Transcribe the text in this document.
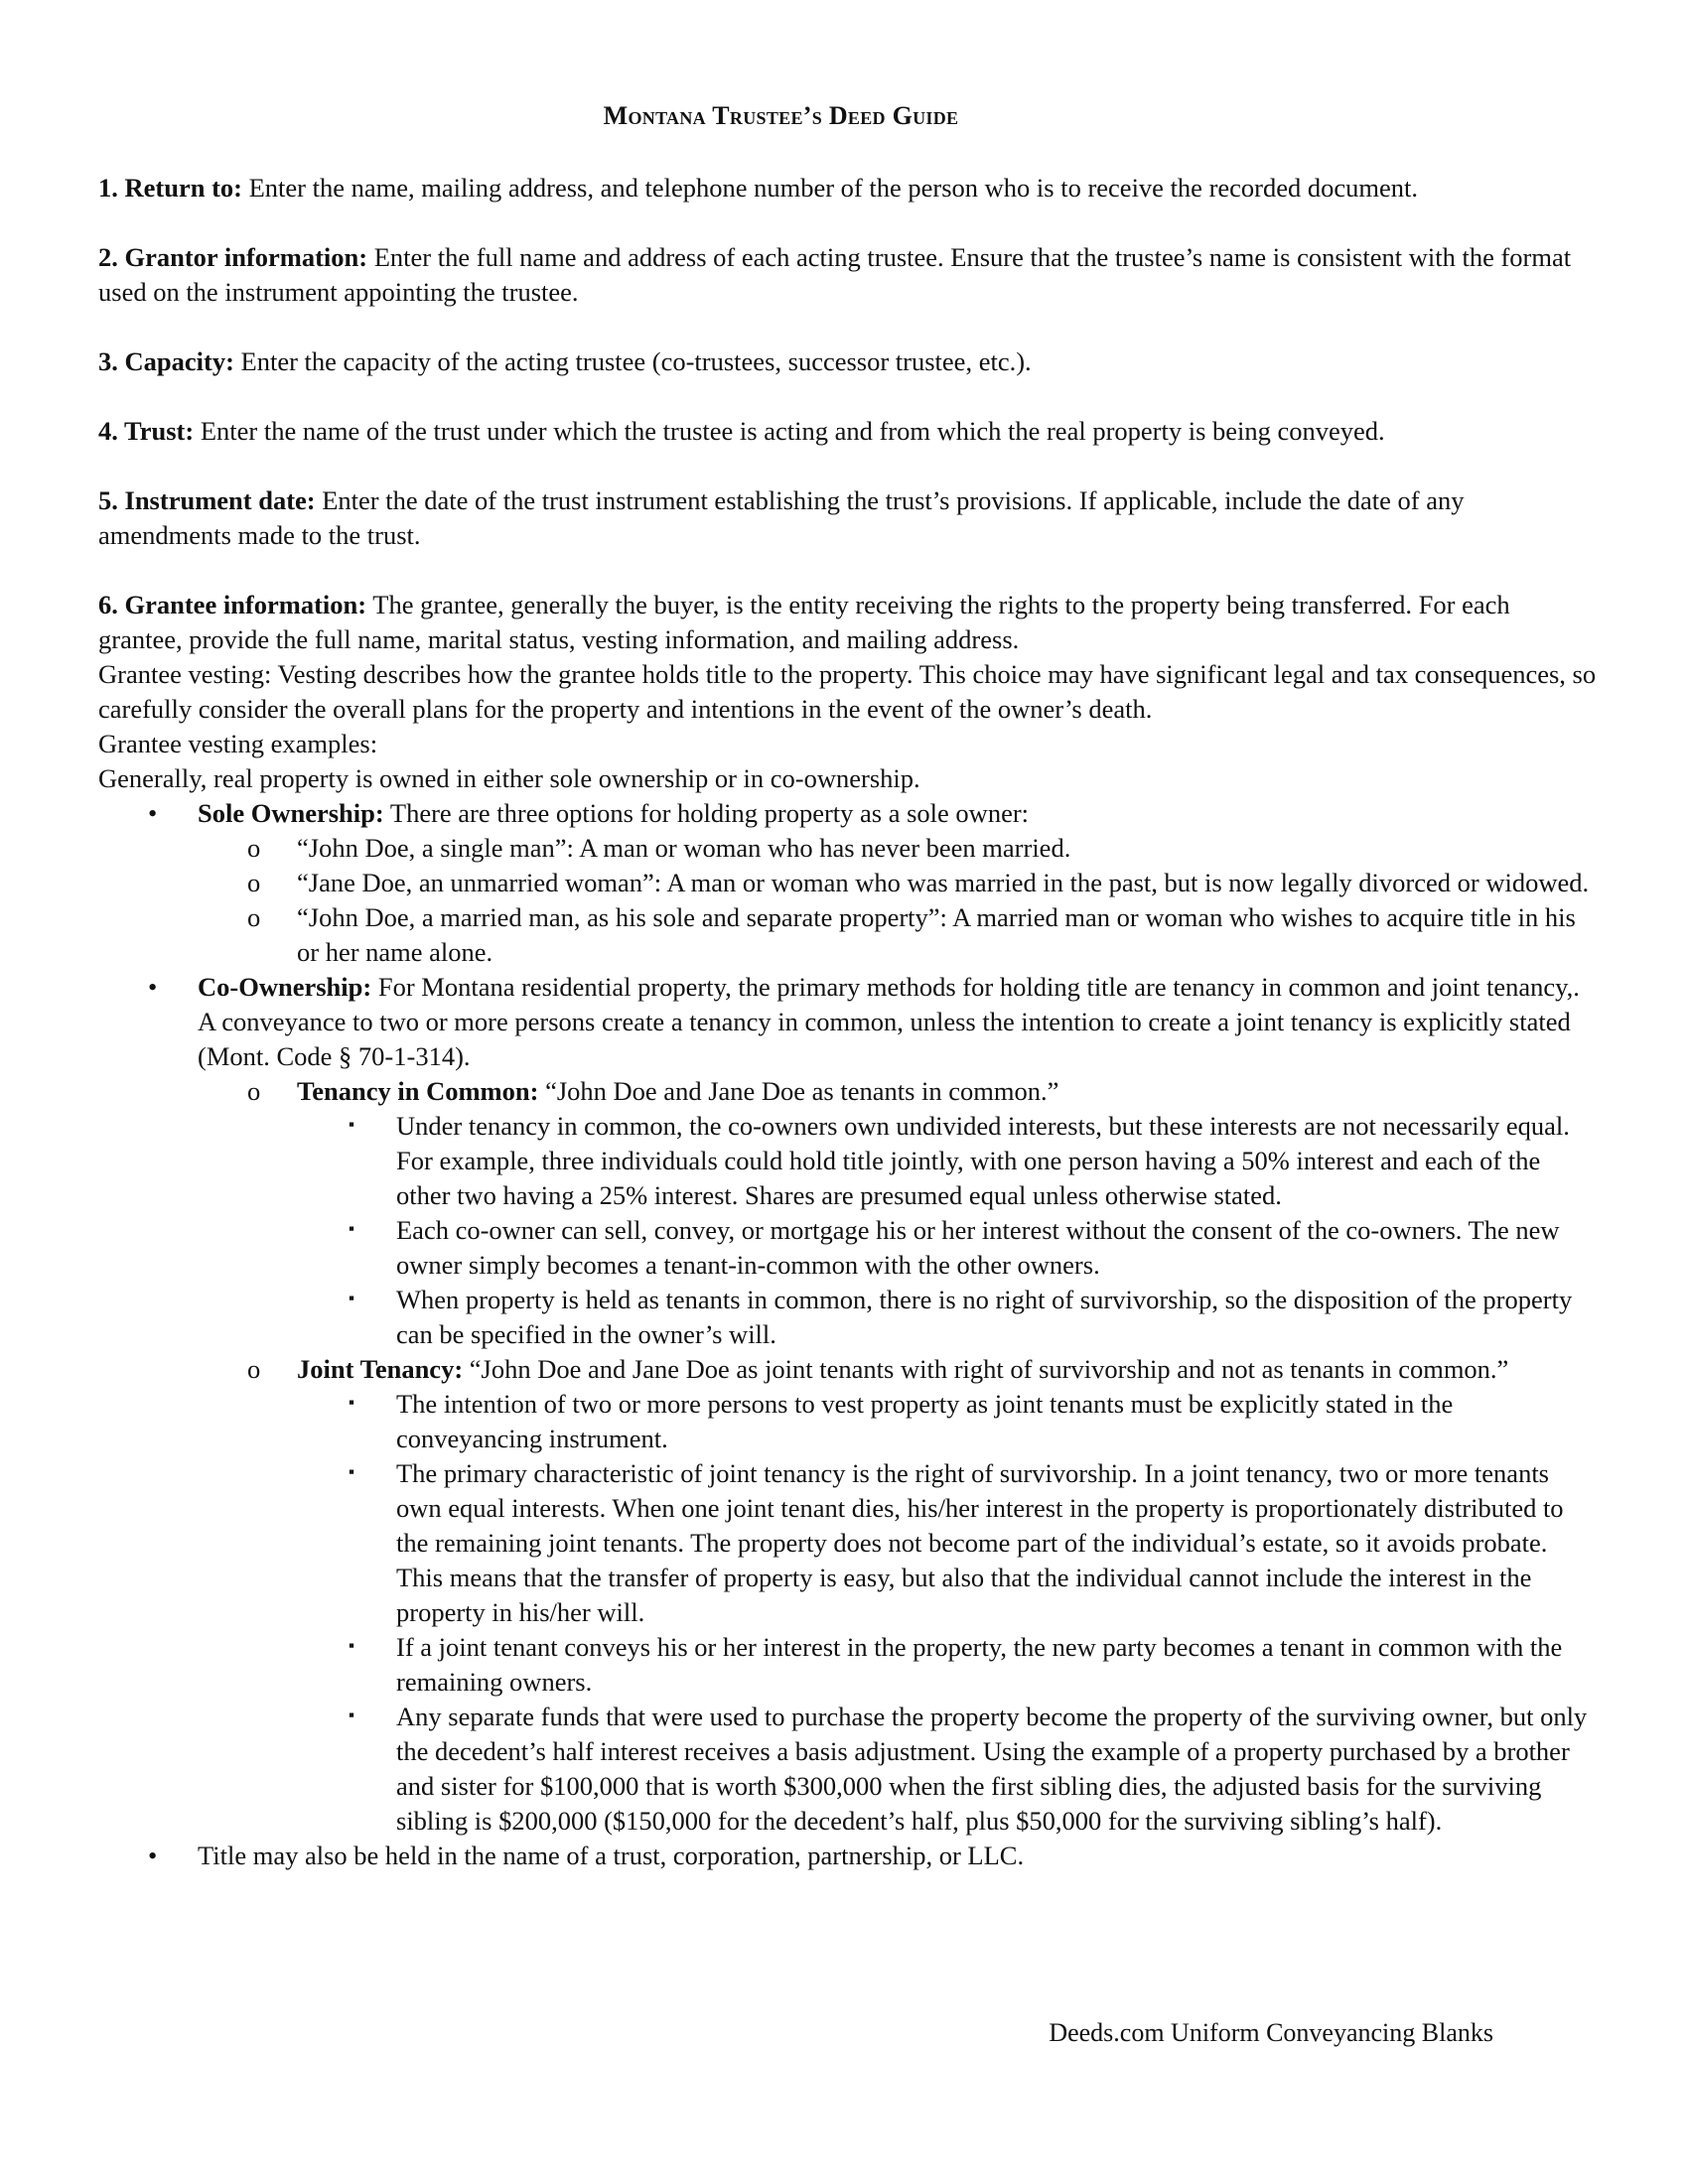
Montana Trustee’s Deed Guide

1. Return to: Enter the name, mailing address, and telephone number of the person who is to receive the recorded document.

2. Grantor information: Enter the full name and address of each acting trustee. Ensure that the trustee’s name is consistent with the format used on the instrument appointing the trustee.

3. Capacity: Enter the capacity of the acting trustee (co-trustees, successor trustee, etc.).

4. Trust: Enter the name of the trust under which the trustee is acting and from which the real property is being conveyed.

5. Instrument date: Enter the date of the trust instrument establishing the trust’s provisions. If applicable, include the date of any amendments made to the trust.

6. Grantee information: The grantee, generally the buyer, is the entity receiving the rights to the property being transferred. For each grantee, provide the full name, marital status, vesting information, and mailing address.

Grantee vesting: Vesting describes how the grantee holds title to the property. This choice may have significant legal and tax consequences, so carefully consider the overall plans for the property and intentions in the event of the owner’s death.

Grantee vesting examples:

Generally, real property is owned in either sole ownership or in co-ownership.

• Sole Ownership: There are three options for holding property as a sole owner:
o “John Doe, a single man”: A man or woman who has never been married.
o “Jane Doe, an unmarried woman”: A man or woman who was married in the past, but is now legally divorced or widowed.
o “John Doe, a married man, as his sole and separate property”: A married man or woman who wishes to acquire title in his or her name alone.
• Co-Ownership: For Montana residential property, the primary methods for holding title are tenancy in common and joint tenancy,. A conveyance to two or more persons create a tenancy in common, unless the intention to create a joint tenancy is explicitly stated (Mont. Code § 70-1-314).
o Tenancy in Common: “John Doe and Jane Doe as tenants in common.”
▪ Under tenancy in common, the co-owners own undivided interests, but these interests are not necessarily equal. For example, three individuals could hold title jointly, with one person having a 50% interest and each of the other two having a 25% interest. Shares are presumed equal unless otherwise stated.
▪ Each co-owner can sell, convey, or mortgage his or her interest without the consent of the co-owners. The new owner simply becomes a tenant-in-common with the other owners.
▪ When property is held as tenants in common, there is no right of survivorship, so the disposition of the property can be specified in the owner’s will.
o Joint Tenancy: “John Doe and Jane Doe as joint tenants with right of survivorship and not as tenants in common.”
▪ The intention of two or more persons to vest property as joint tenants must be explicitly stated in the conveyancing instrument.
▪ The primary characteristic of joint tenancy is the right of survivorship. In a joint tenancy, two or more tenants own equal interests. When one joint tenant dies, his/her interest in the property is proportionately distributed to the remaining joint tenants. The property does not become part of the individual’s estate, so it avoids probate. This means that the transfer of property is easy, but also that the individual cannot include the interest in the property in his/her will.
▪ If a joint tenant conveys his or her interest in the property, the new party becomes a tenant in common with the remaining owners.
▪ Any separate funds that were used to purchase the property become the property of the surviving owner, but only the decedent’s half interest receives a basis adjustment. Using the example of a property purchased by a brother and sister for $100,000 that is worth $300,000 when the first sibling dies, the adjusted basis for the surviving sibling is $200,000 ($150,000 for the decedent’s half, plus $50,000 for the surviving sibling’s half).
• Title may also be held in the name of a trust, corporation, partnership, or LLC.
Deeds.com Uniform Conveyancing Blanks
